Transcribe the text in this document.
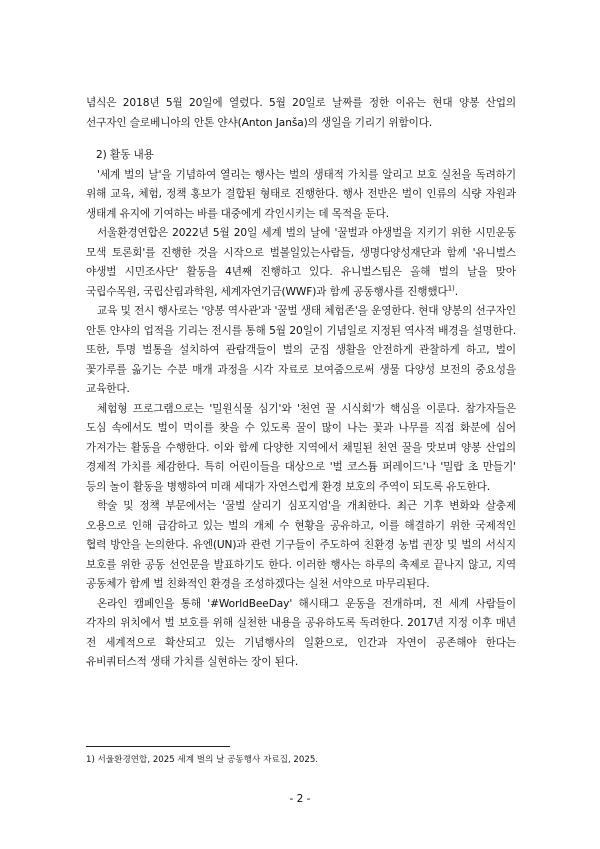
념식은 2018년 5월 20일에 열렸다. 5월 20일로 날짜를 정한 이유는 현대 양봉 산업의 선구자인 슬로베니아의 안톤 얀샤(Anton Janša)의 생일을 기리기 위함이다.

2) 활동 내용

'세계 벌의 날'을 기념하여 열리는 행사는 벌의 생태적 가치를 알리고 보호 실천을 독려하기 위해 교육, 체험, 정책 홍보가 결합된 형태로 진행한다. 행사 전반은 벌이 인류의 식량 자원과 생태계 유지에 기여하는 바를 대중에게 각인시키는 데 목적을 둔다.

서울환경연합은 2022년 5월 20일 세계 벌의 날에 '꿀벌과 야생벌을 지키기 위한 시민운동 모색 토론회'를 진행한 것을 시작으로 벌볼일있는사람들, 생명다양성재단과 함께 '유니벌스 야생벌 시민조사단' 활동을 4년째 진행하고 있다. 유니벌스팀은 올해 벌의 날을 맞아 국립수목원, 국립산림과학원, 세계자연기금(WWF)과 함께 공동행사를 진행했다$^{1)}$.

교육 및 전시 행사로는 '양봉 역사관'과 '꿀벌 생태 체험존'을 운영한다. 현대 양봉의 선구자인 안톤 얀샤의 업적을 기리는 전시를 통해 5월 20일이 기념일로 지정된 역사적 배경을 설명한다. 또한, 투명 벌통을 설치하여 관람객들이 벌의 군집 생활을 안전하게 관찰하게 하고, 벌이 꽃가루를 옮기는 수분 매개 과정을 시각 자료로 보여줌으로써 생물 다양성 보전의 중요성을 교육한다.

체험형 프로그램으로는 '밀원식물 심기'와 '천연 꿀 시식회'가 핵심을 이룬다. 참가자들은 도심 속에서도 벌이 먹이를 찾을 수 있도록 꿀이 많이 나는 꽃과 나무를 직접 화분에 심어 가져가는 활동을 수행한다. 이와 함께 다양한 지역에서 채밀된 천연 꿀을 맛보며 양봉 산업의 경제적 가치를 체감한다. 특히 어린이들을 대상으로 '벌 코스튬 퍼레이드'나 '밀랍 초 만들기' 등의 놀이 활동을 병행하여 미래 세대가 자연스럽게 환경 보호의 주역이 되도록 유도한다.

학술 및 정책 부문에서는 '꿀벌 살리기 심포지엄'을 개최한다. 최근 기후 변화와 살충제 오용으로 인해 급감하고 있는 벌의 개체 수 현황을 공유하고, 이를 해결하기 위한 국제적인 협력 방안을 논의한다. 유엔(UN)과 관련 기구들이 주도하여 친환경 농법 권장 및 벌의 서식지 보호를 위한 공동 선언문을 발표하기도 한다. 이러한 행사는 하루의 축제로 끝나지 않고, 지역 공동체가 함께 벌 친화적인 환경을 조성하겠다는 실천 서약으로 마무리된다.

온라인 캠페인을 통해 '#WorldBeeDay' 해시태그 운동을 전개하며, 전 세계 사람들이 각자의 위치에서 벌 보호를 위해 실천한 내용을 공유하도록 독려한다. 2017년 지정 이후 매년 전 세계적으로 확산되고 있는 기념행사의 일환으로, 인간과 자연이 공존해야 한다는 유비쿼터스적 생태 가치를 실현하는 장이 된다.

1) 서울환경연합, 2025 세계 벌의 날 공동행사 자료집, 2025.
- 2 -
